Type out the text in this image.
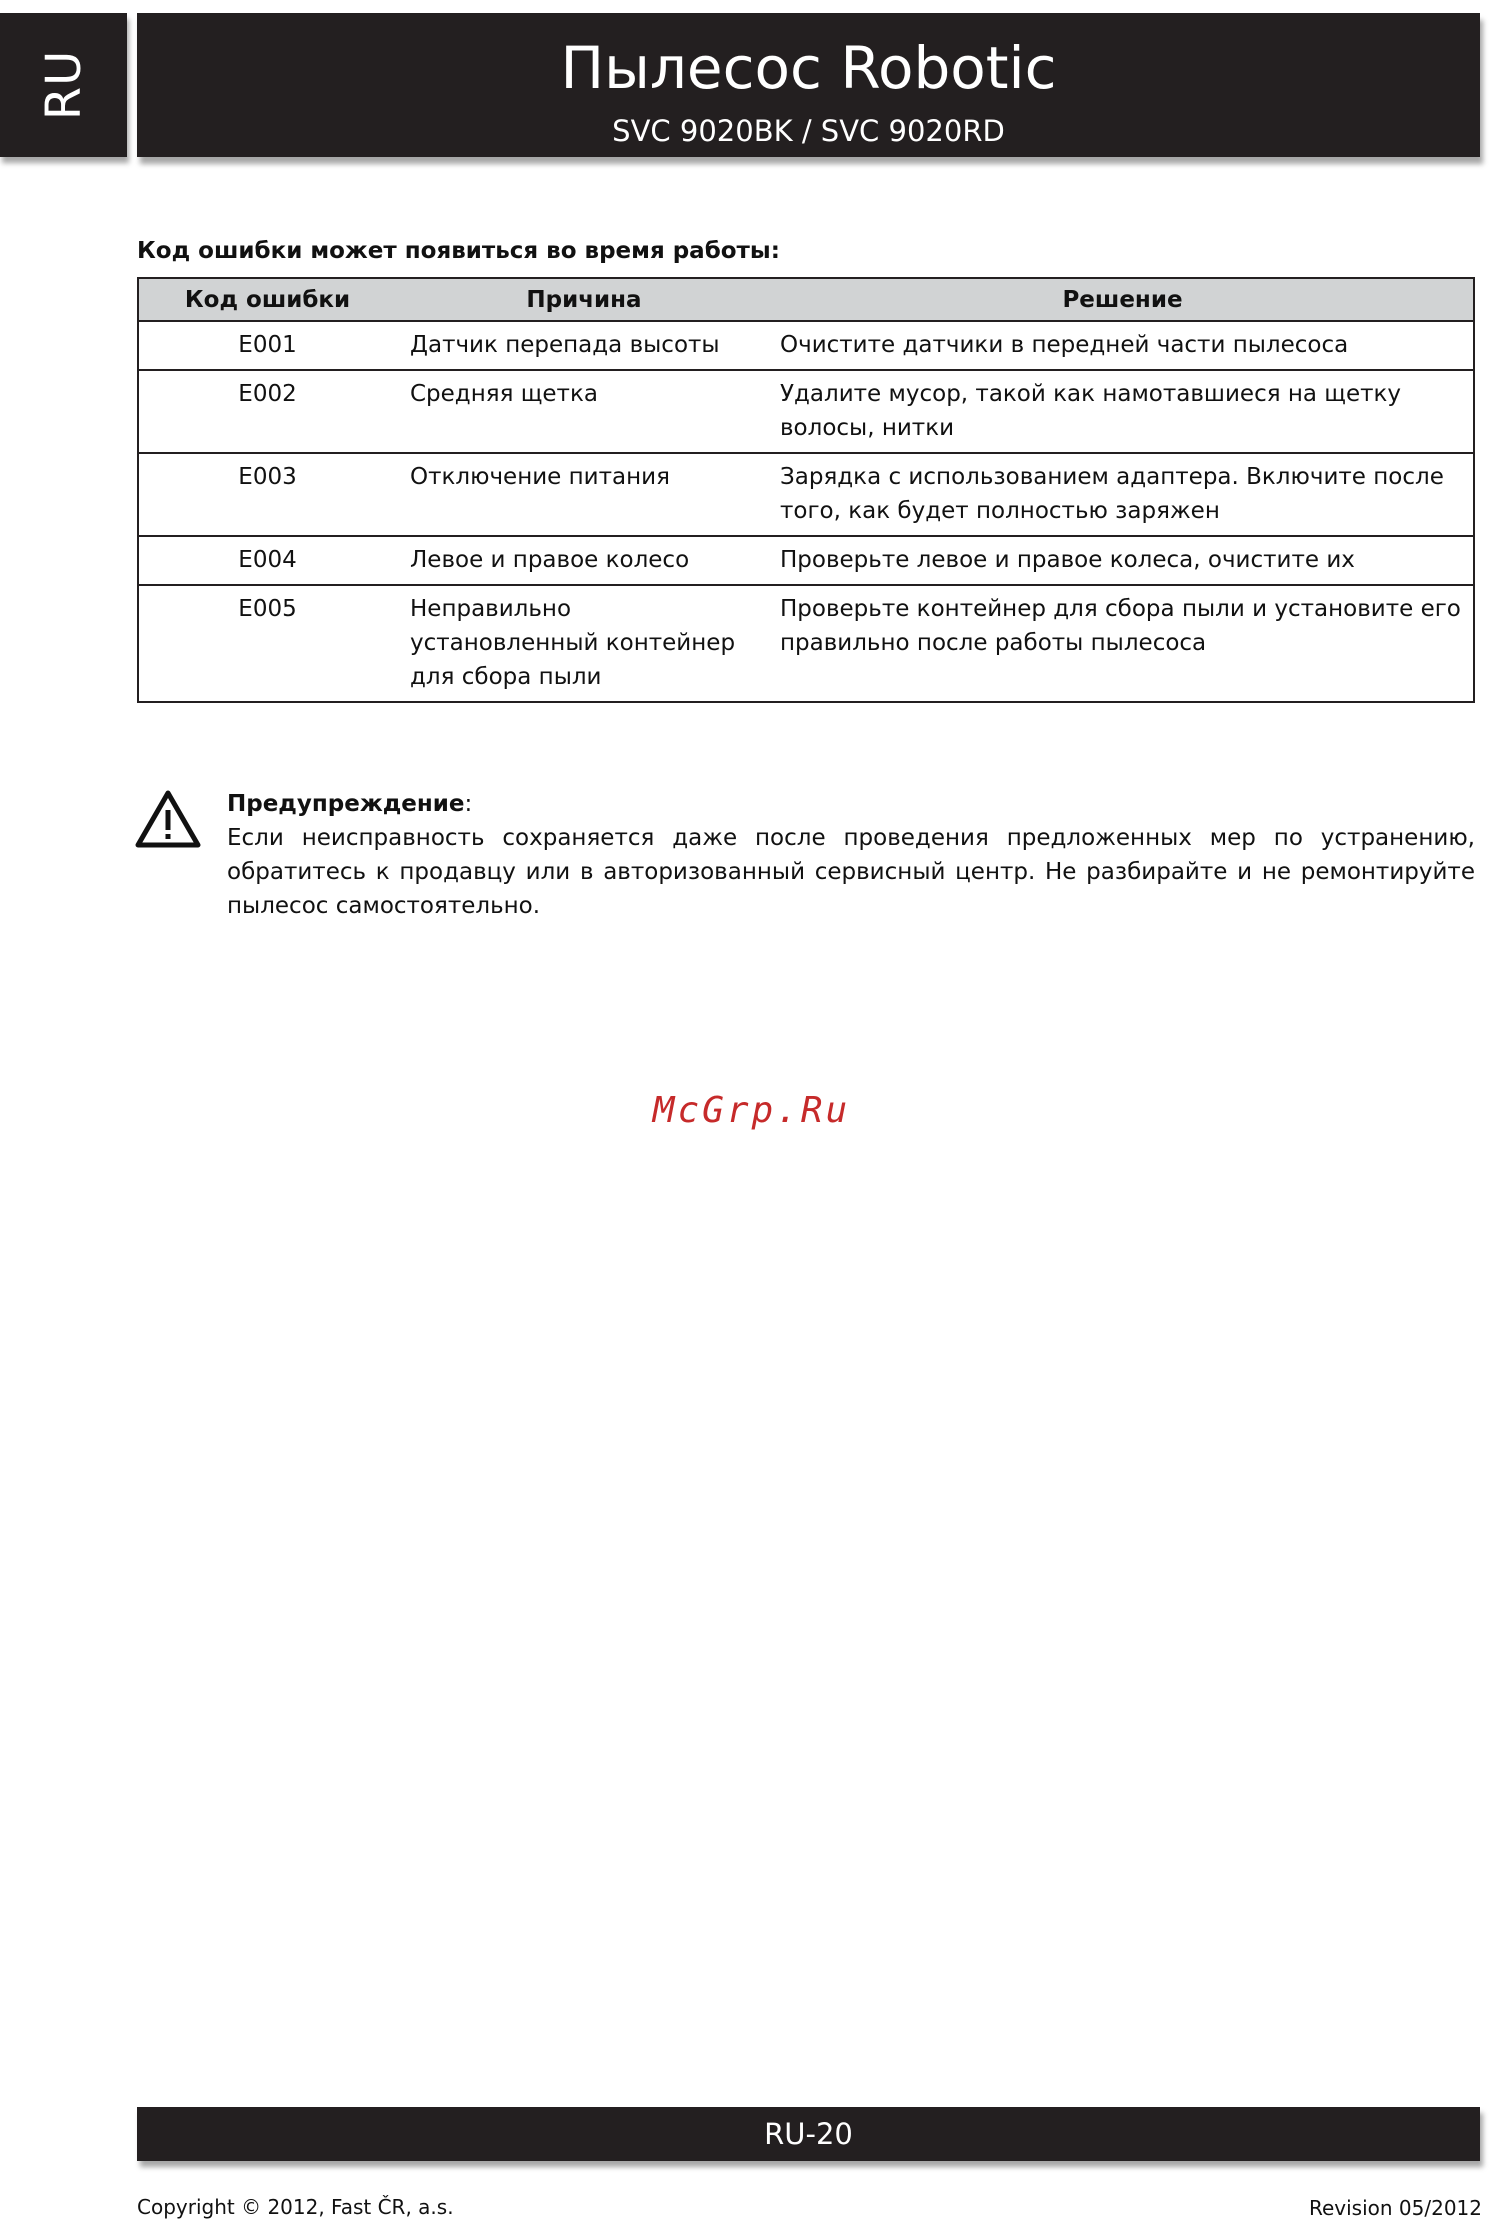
RU	Пылесос Robotic
SVC 9020BK / SVC 9020RD
Код ошибки может появиться во время работы:
Код ошибки	Причина	Решение
E001	Датчик перепада высоты	Очистите датчики в передней части пылесоса
E002	Средняя щетка	Удалите мусор, такой как намотавшиеся на щетку волосы, нитки
E003	Отключение питания	Зарядка с использованием адаптера. Включите после того, как будет полностью заряжен
E004	Левое и правое колесо	Проверьте левое и правое колеса, очистите их
E005	Неправильно установленный контейнер для сбора пыли	Проверьте контейнер для сбора пыли и установите его правильно после работы пылесоса
Предупреждение:
Если неисправность сохраняется даже после проведения предложенных мер по устранению, обратитесь к продавцу или в авторизованный сервисный центр. Не разбирайте и не ремонтируйте пылесос самостоятельно.
McGrp.Ru
RU-20
Copyright © 2012, Fast ČR, a.s.	Revision 05/2012
